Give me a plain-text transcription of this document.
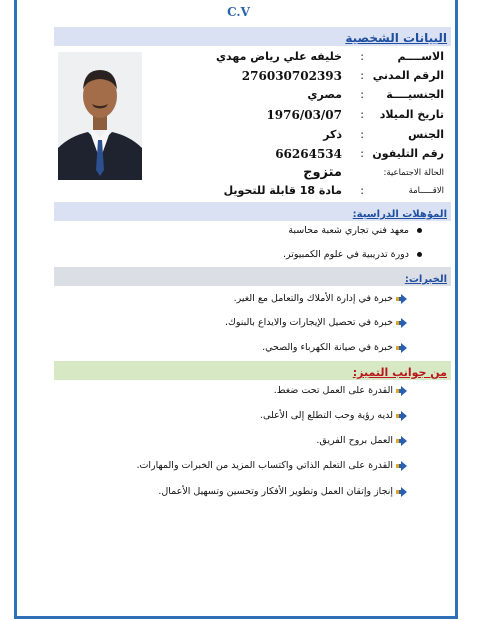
C.V
البيانات الشخصية
الاســــم
:
خليفه علي رياض مهدي
الرقم المدني
:
276030702393
الجنسيــــة
:
مصري
تاريخ الميلاد
:
1976/03/07
الجنس
:
ذكر
رقم التليفون
:
66264534
الحالة الاجتماعية:
متزوج
الاقـــــامة
:
مادة 18 قابلة للتحويل
المؤهلات الدراسية:
معهد فني تجاري شعبة محاسبة
دورة تدريبية في علوم الكمبيوتر.
الخبرات:
خبرة في إدارة الأملاك والتعامل مع الغير.
خبرة في تحصيل الإيجارات والايداع بالبنوك.
خبرة في صيانة الكهرباء والصحي.
من جوانب التميز:
القدرة على العمل تحت ضغط.
لديه رؤية وحب التطلع إلى الأعلى.
العمل بروح الفريق.
القدرة على التعلم الذاتي واكتساب المزيد من الخبرات والمهارات.
إنجاز وإتقان العمل وتطوير الأفكار وتحسين وتسهيل الأعمال.
